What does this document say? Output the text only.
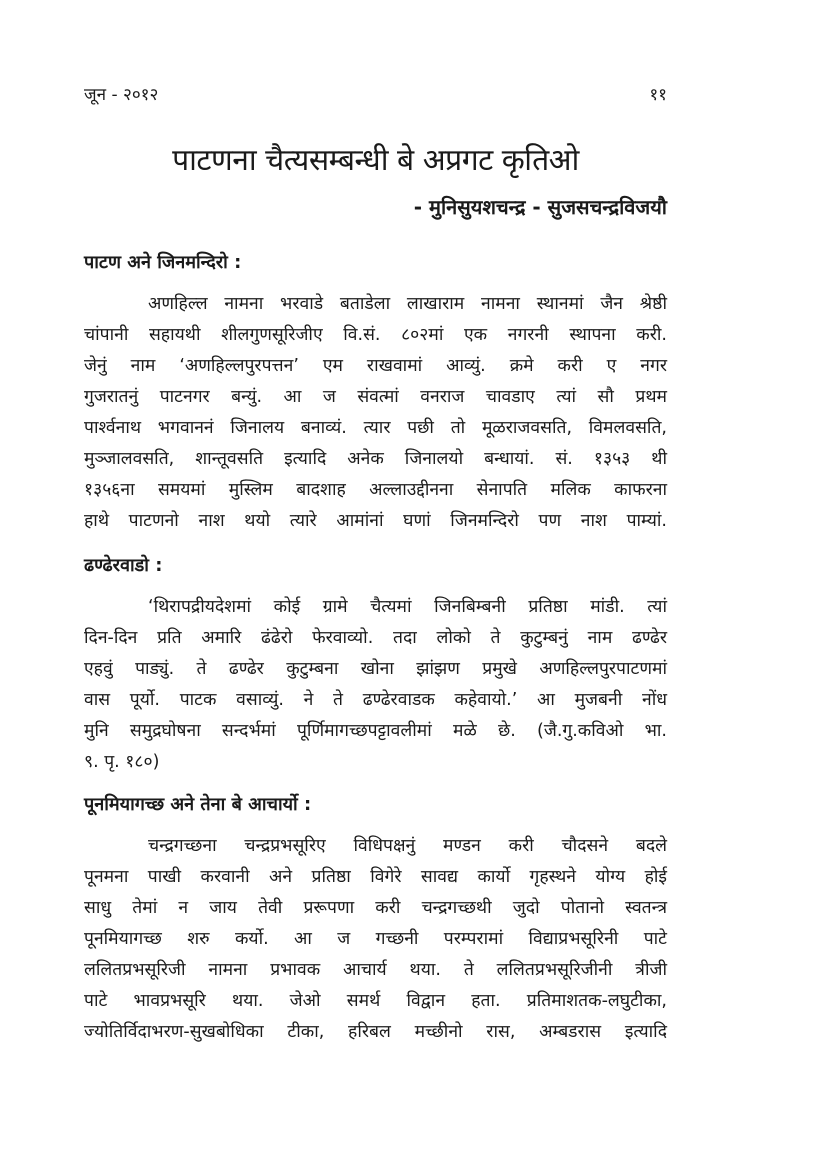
जून - २०१२	११
पाटणना चैत्यसम्बन्धी बे अप्रगट कृतिओ
- मुनिसुयशचन्द्र - सुजसचन्द्रविजयौ
पाटण अने जिनमन्दिरो :
अणहिल्ल नामना भरवाडे बताडेला लाखाराम नामना स्थानमां जैन श्रेष्ठी
चांपानी सहायथी शीलगुणसूरिजीए वि.सं. ८०२मां एक नगरनी स्थापना करी.
जेनुं नाम ‘अणहिल्लपुरपत्तन’ एम राखवामां आव्युं. क्रमे करी ए नगर
गुजरातनुं पाटनगर बन्युं. आ ज संवत्मां वनराज चावडाए त्यां सौ प्रथम
पार्श्वनाथ भगवाननं जिनालय बनाव्यं. त्यार पछी तो मूळराजवसति, विमलवसति,
मुञ्जालवसति, शान्तूवसति इत्यादि अनेक जिनालयो बन्धायां. सं. १३५३ थी
१३५६ना समयमां मुस्लिम बादशाह अल्लाउद्दीनना सेनापति मलिक काफरना
हाथे पाटणनो नाश थयो त्यारे आमांनां घणां जिनमन्दिरो पण नाश पाम्यां.
ढण्ढेरवाडो :
‘थिरापद्रीयदेशमां कोई ग्रामे चैत्यमां जिनबिम्बनी प्रतिष्ठा मांडी. त्यां
दिन-दिन प्रति अमारि ढंढेरो फेरवाव्यो. तदा लोको ते कुटुम्बनुं नाम ढण्ढेर
एहवुं पाड्युं. ते ढण्ढेर कुटुम्बना खोना झांझण प्रमुखे अणहिल्लपुरपाटणमां
वास पूर्यो. पाटक वसाव्युं. ने ते ढण्ढेरवाडक कहेवायो.’ आ मुजबनी नोंध
मुनि समुद्रघोषना सन्दर्भमां पूर्णिमागच्छपट्टावलीमां मळे छे. (जै.गु.कविओ भा.
९. पृ. १८०)
पूनमियागच्छ अने तेना बे आचार्यो :
चन्द्रगच्छना चन्द्रप्रभसूरिए विधिपक्षनुं मण्डन करी चौदसने बदले
पूनमना पाखी करवानी अने प्रतिष्ठा विगेरे सावद्य कार्यो गृहस्थने योग्य होई
साधु तेमां न जाय तेवी प्ररूपणा करी चन्द्रगच्छथी जुदो पोतानो स्वतन्त्र
पूनमियागच्छ शरु कर्यो. आ ज गच्छनी परम्परामां विद्याप्रभसूरिनी पाटे
ललितप्रभसूरिजी नामना प्रभावक आचार्य थया. ते ललितप्रभसूरिजीनी त्रीजी
पाटे भावप्रभसूरि थया. जेओ समर्थ विद्वान हता. प्रतिमाशतक-लघुटीका,
ज्योतिर्विदाभरण-सुखबोधिका टीका, हरिबल मच्छीनो रास, अम्बडरास इत्यादि
